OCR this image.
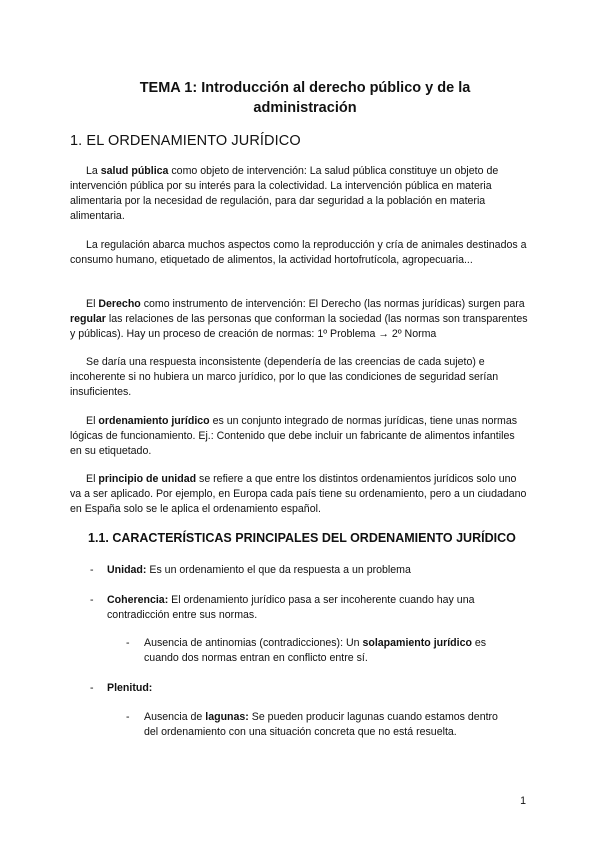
TEMA 1: Introducción al derecho público y de la
administración
1. EL ORDENAMIENTO JURÍDICO
La salud pública como objeto de intervención: La salud pública constituye un objeto de intervención pública por su interés para la colectividad. La intervención pública en materia alimentaria por la necesidad de regulación, para dar seguridad a la población en materia alimentaria.
La regulación abarca muchos aspectos como la reproducción y cría de animales destinados a consumo humano, etiquetado de alimentos, la actividad hortofrutícola, agropecuaria...
El Derecho como instrumento de intervención: El Derecho (las normas jurídicas) surgen para regular las relaciones de las personas que conforman la sociedad (las normas son transparentes y públicas). Hay un proceso de creación de normas: 1º Problema → 2º Norma
Se daría una respuesta inconsistente (dependería de las creencias de cada sujeto) e incoherente si no hubiera un marco jurídico, por lo que las condiciones de seguridad serían insuficientes.
El ordenamiento jurídico es un conjunto integrado de normas jurídicas, tiene unas normas lógicas de funcionamiento. Ej.: Contenido que debe incluir un fabricante de alimentos infantiles en su etiquetado.
El principio de unidad se refiere a que entre los distintos ordenamientos jurídicos solo uno va a ser aplicado. Por ejemplo, en Europa cada país tiene su ordenamiento, pero a un ciudadano en España solo se le aplica el ordenamiento español.
1.1. CARACTERÍSTICAS PRINCIPALES DEL ORDENAMIENTO JURÍDICO
- Unidad: Es un ordenamiento el que da respuesta a un problema
- Coherencia: El ordenamiento jurídico pasa a ser incoherente cuando hay una contradicción entre sus normas.
- Ausencia de antinomias (contradicciones): Un solapamiento jurídico es cuando dos normas entran en conflicto entre sí.
- Plenitud:
- Ausencia de lagunas: Se pueden producir lagunas cuando estamos dentro del ordenamiento con una situación concreta que no está resuelta.
1
